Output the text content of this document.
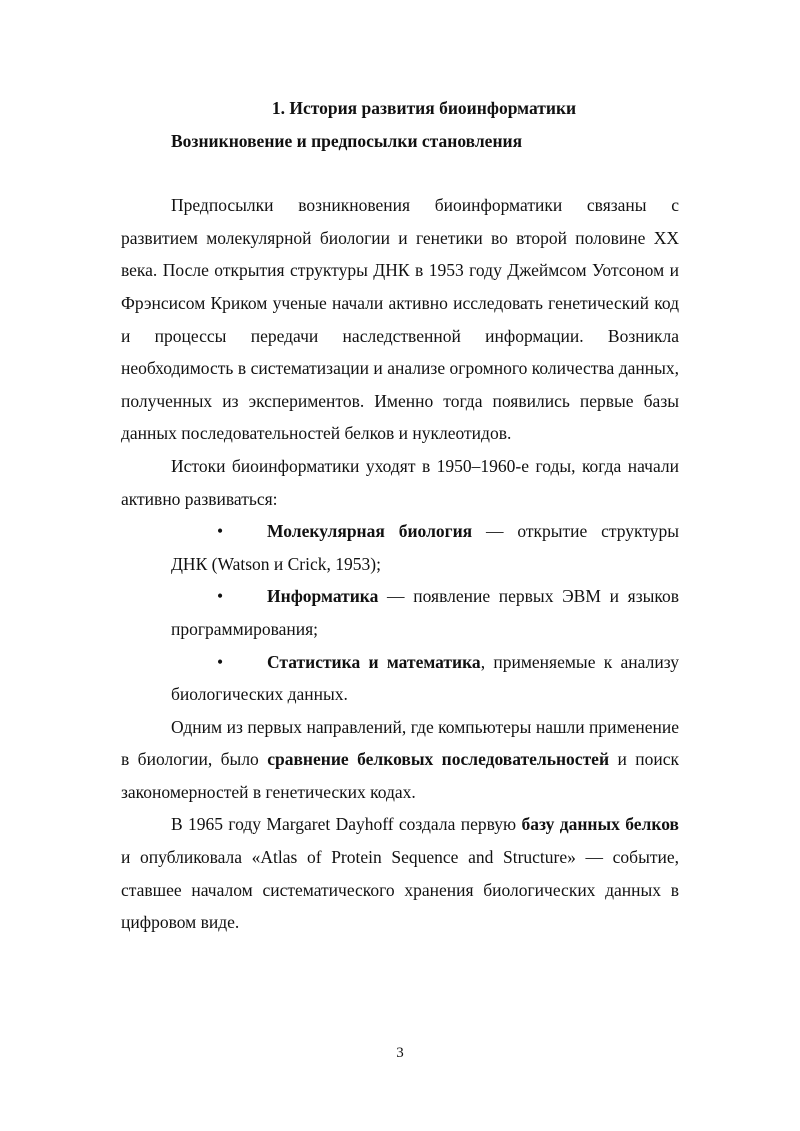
1. История развития биоинформатики
Возникновение и предпосылки становления

Предпосылки возникновения биоинформатики связаны с развитием молекулярной биологии и генетики во второй половине XX века. После открытия структуры ДНК в 1953 году Джеймсом Уотсоном и Фрэнсисом Криком ученые начали активно исследовать генетический код и процессы передачи наследственной информации. Возникла необходимость в систематизации и анализе огромного количества данных, полученных из экспериментов. Именно тогда появились первые базы данных последовательностей белков и нуклеотидов.

Истоки биоинформатики уходят в 1950–1960-е годы, когда начали активно развиваться:

•	Молекулярная биология — открытие структуры ДНК (Watson и Crick, 1953);

•	Информатика — появление первых ЭВМ и языков программирования;

•	Статистика и математика, применяемые к анализу биологических данных.

Одним из первых направлений, где компьютеры нашли применение в биологии, было сравнение белковых последовательностей и поиск закономерностей в генетических кодах.

В 1965 году Margaret Dayhoff создала первую базу данных белков и опубликовала «Atlas of Protein Sequence and Structure» — событие, ставшее началом систематического хранения биологических данных в цифровом виде.

3
